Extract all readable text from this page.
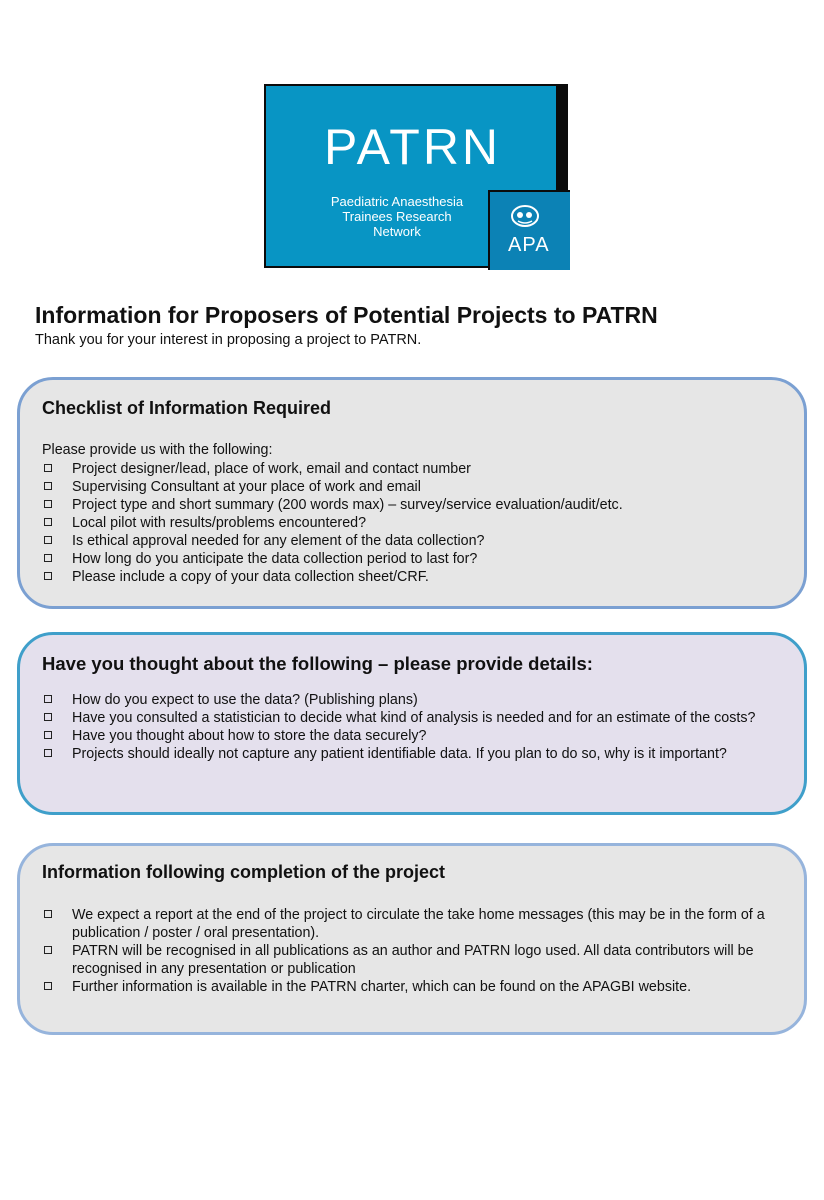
PATRN
Paediatric Anaesthesia
Trainees Research
Network
APA
Information for Proposers of Potential Projects to PATRN

Thank you for your interest in proposing a project to PATRN.

Checklist of Information Required

Please provide us with the following:

Project designer/lead, place of work, email and contact number
Supervising Consultant at your place of work and email
Project type and short summary (200 words max) – survey/service evaluation/audit/etc.
Local pilot with results/problems encountered?
Is ethical approval needed for any element of the data collection?
How long do you anticipate the data collection period to last for?
Please include a copy of your data collection sheet/CRF.
Have you thought about the following – please provide details:
How do you expect to use the data? (Publishing plans)
Have you consulted a statistician to decide what kind of analysis is needed and for an estimate of the costs?
Have you thought about how to store the data securely?
Projects should ideally not capture any patient identifiable data. If you plan to do so, why is it important?
Information following completion of the project
We expect a report at the end of the project to circulate the take home messages (this may be in the form of a publication / poster / oral presentation).
PATRN will be recognised in all publications as an author and PATRN logo used. All data contributors will be recognised in any presentation or publication
Further information is available in the PATRN charter, which can be found on the APAGBI website.
